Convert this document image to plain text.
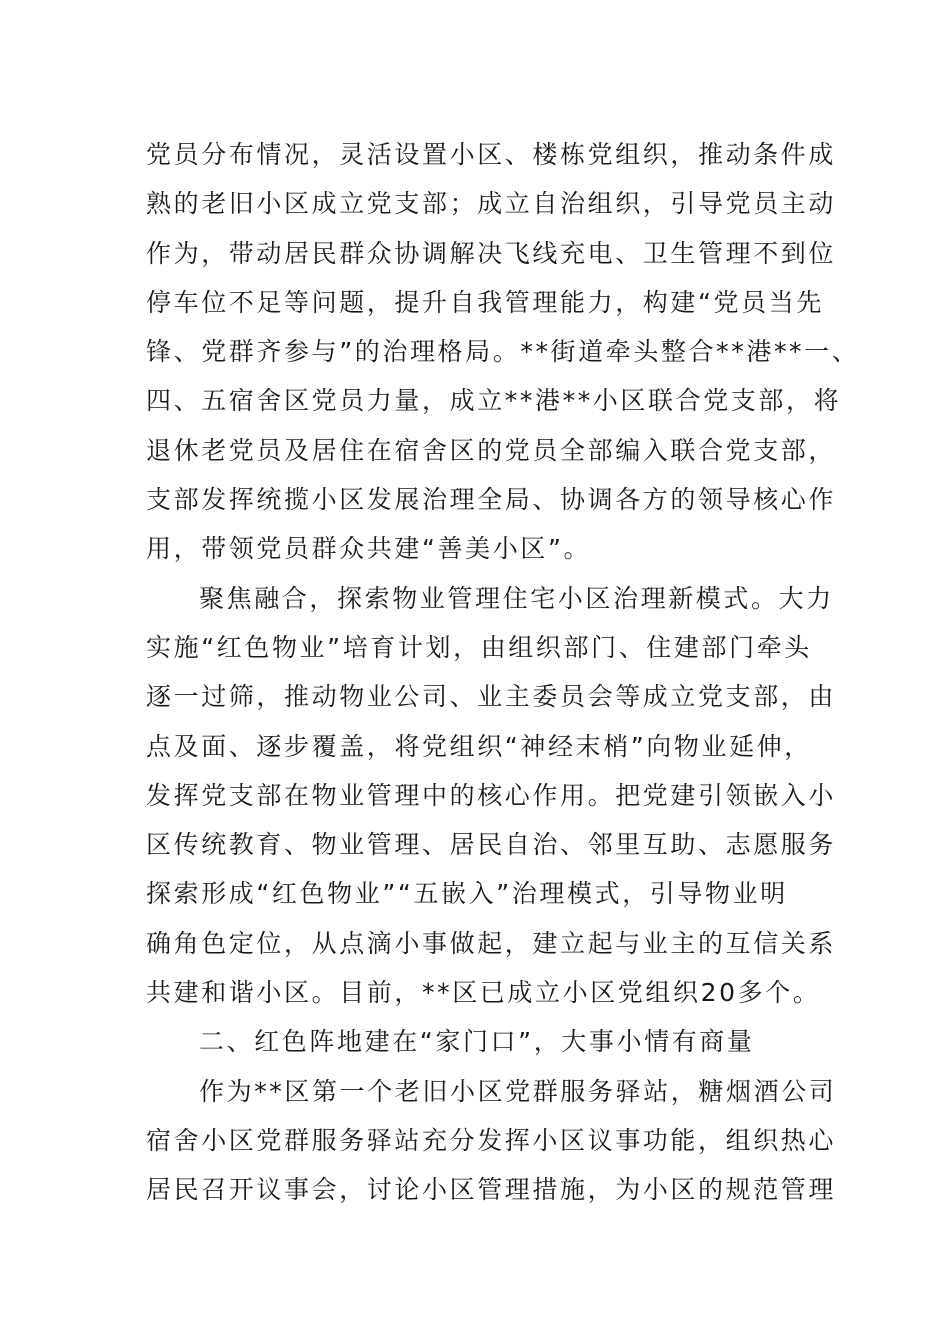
党员分布情况，灵活设置小区、楼栋党组织，推动条件成
熟的老旧小区成立党支部；成立自治组织，引导党员主动
作为，带动居民群众协调解决飞线充电、卫生管理不到位
停车位不足等问题，提升自我管理能力，构建“党员当先
锋、党群齐参与”的治理格局。**街道牵头整合**港**一、
四、五宿舍区党员力量，成立**港**小区联合党支部，将
退休老党员及居住在宿舍区的党员全部编入联合党支部，
支部发挥统揽小区发展治理全局、协调各方的领导核心作
用，带领党员群众共建“善美小区”。
聚焦融合，探索物业管理住宅小区治理新模式。大力
实施“红色物业”培育计划，由组织部门、住建部门牵头
逐一过筛，推动物业公司、业主委员会等成立党支部，由
点及面、逐步覆盖，将党组织“神经末梢”向物业延伸，
发挥党支部在物业管理中的核心作用。把党建引领嵌入小
区传统教育、物业管理、居民自治、邻里互助、志愿服务
探索形成“红色物业”“五嵌入”治理模式，引导物业明
确角色定位，从点滴小事做起，建立起与业主的互信关系
共建和谐小区。目前，**区已成立小区党组织20多个。
二、红色阵地建在“家门口”，大事小情有商量
作为**区第一个老旧小区党群服务驿站，糖烟酒公司
宿舍小区党群服务驿站充分发挥小区议事功能，组织热心
居民召开议事会，讨论小区管理措施，为小区的规范管理
